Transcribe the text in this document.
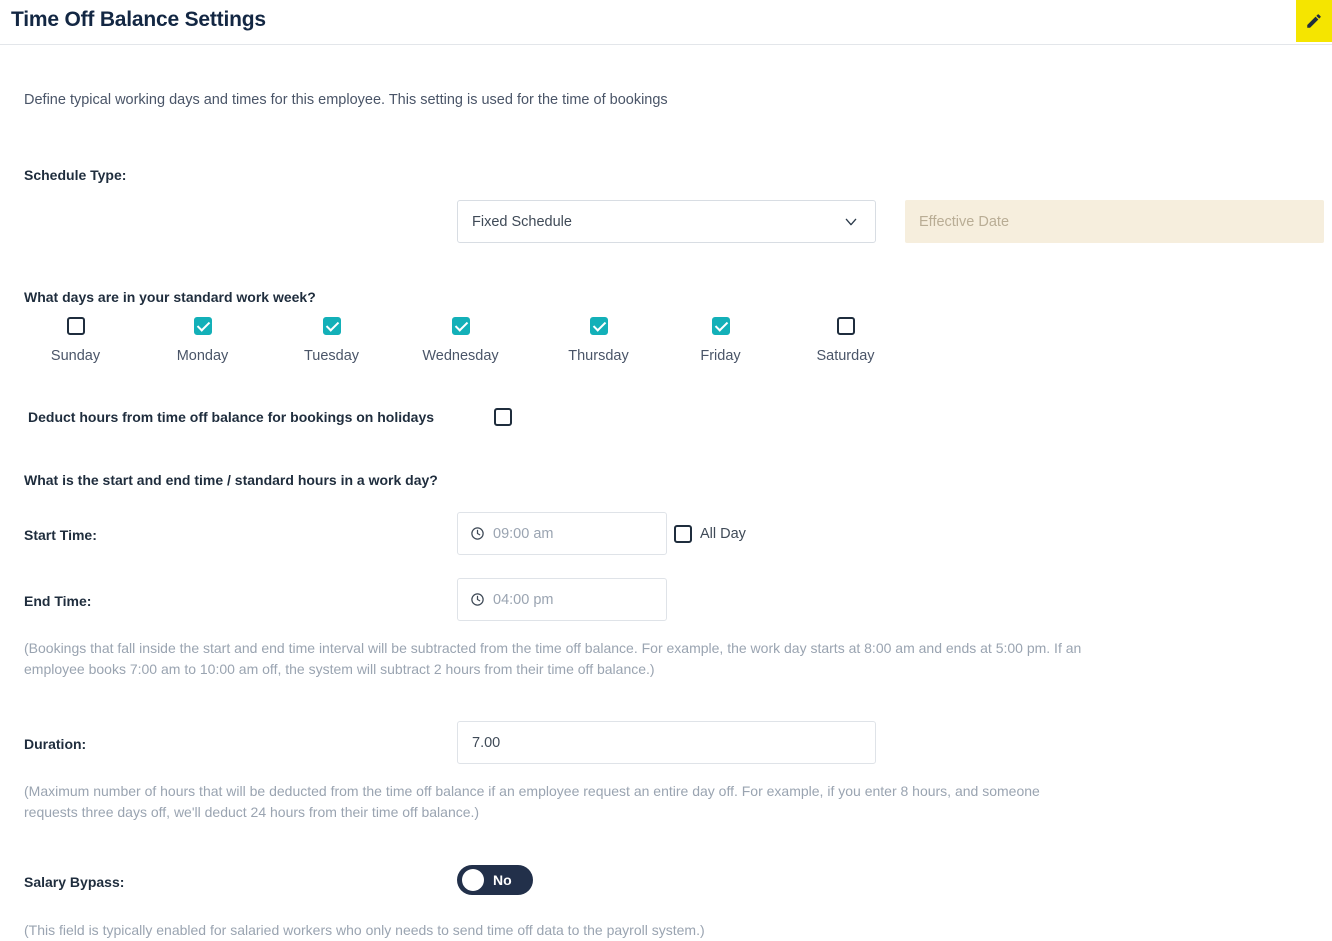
Time Off Balance Settings
Define typical working days and times for this employee. This setting is used for the time of bookings
Schedule Type:
Fixed Schedule
Effective Date
What days are in your standard work week?
Sunday	Monday	Tuesday	Wednesday	Thursday	Friday	Saturday
Deduct hours from time off balance for bookings on holidays
What is the start and end time / standard hours in a work day?
Start Time:	09:00 am	All Day
End Time:	04:00 pm
(Bookings that fall inside the start and end time interval will be subtracted from the time off balance. For example, the work day starts at 8:00 am and ends at 5:00 pm. If an employee books 7:00 am to 10:00 am off, the system will subtract 2 hours from their time off balance.)
Duration:
7.00
(Maximum number of hours that will be deducted from the time off balance if an employee request an entire day off. For example, if you enter 8 hours, and someone requests three days off, we'll deduct 24 hours from their time off balance.)
Salary Bypass:	No
(This field is typically enabled for salaried workers who only needs to send time off data to the payroll system.)
